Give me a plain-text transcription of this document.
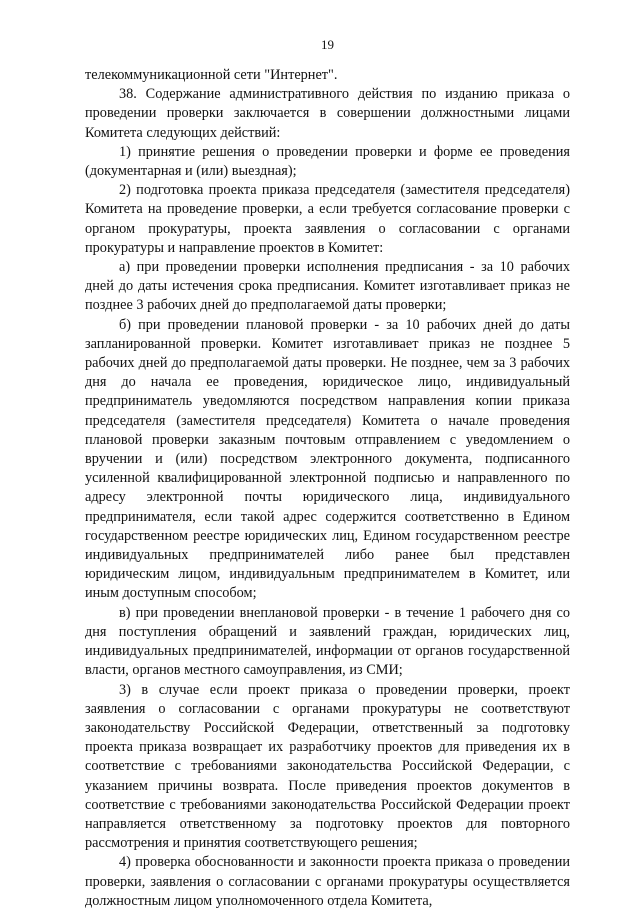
19

телекоммуникационной сети "Интернет".

38. Содержание административного действия по изданию приказа о проведении проверки заключается в совершении должностными лицами Комитета следующих действий:

1) принятие решения о проведении проверки и форме ее проведения (документарная и (или) выездная);

2) подготовка проекта приказа председателя (заместителя председателя) Комитета на проведение проверки, а если требуется согласование проверки с органом прокуратуры, проекта заявления о согласовании с органами прокуратуры и направление проектов в Комитет:

а) при проведении проверки исполнения предписания - за 10 рабочих дней до даты истечения срока предписания. Комитет изготавливает приказ не позднее 3 рабочих дней до предполагаемой даты проверки;

б) при проведении плановой проверки - за 10 рабочих дней до даты запланированной проверки. Комитет изготавливает приказ не позднее 5 рабочих дней до предполагаемой даты проверки. Не позднее, чем за 3 рабочих дня до начала ее проведения, юридическое лицо, индивидуальный предприниматель уведомляются посредством направления копии приказа председателя (заместителя председателя) Комитета о начале проведения плановой проверки заказным почтовым отправлением с уведомлением о вручении и (или) посредством электронного документа, подписанного усиленной квалифицированной электронной подписью и направленного по адресу электронной почты юридического лица, индивидуального предпринимателя, если такой адрес содержится соответственно в Едином государственном реестре юридических лиц, Едином государственном реестре индивидуальных предпринимателей либо ранее был представлен юридическим лицом, индивидуальным предпринимателем в Комитет, или иным доступным способом;

в) при проведении внеплановой проверки - в течение 1 рабочего дня со дня поступления обращений и заявлений граждан, юридических лиц, индивидуальных предпринимателей, информации от органов государственной власти, органов местного самоуправления, из СМИ;

3) в случае если проект приказа о проведении проверки, проект заявления о согласовании с органами прокуратуры не соответствуют законодательству Российской Федерации, ответственный за подготовку проекта приказа возвращает их разработчику проектов для приведения их в соответствие с требованиями законодательства Российской Федерации, с указанием причины возврата. После приведения проектов документов в соответствие с требованиями законодательства Российской Федерации проект направляется ответственному за подготовку проектов для повторного рассмотрения и принятия соответствующего решения;

4) проверка обоснованности и законности проекта приказа о проведении проверки, заявления о согласовании с органами прокуратуры осуществляется должностным лицом уполномоченного отдела Комитета,
